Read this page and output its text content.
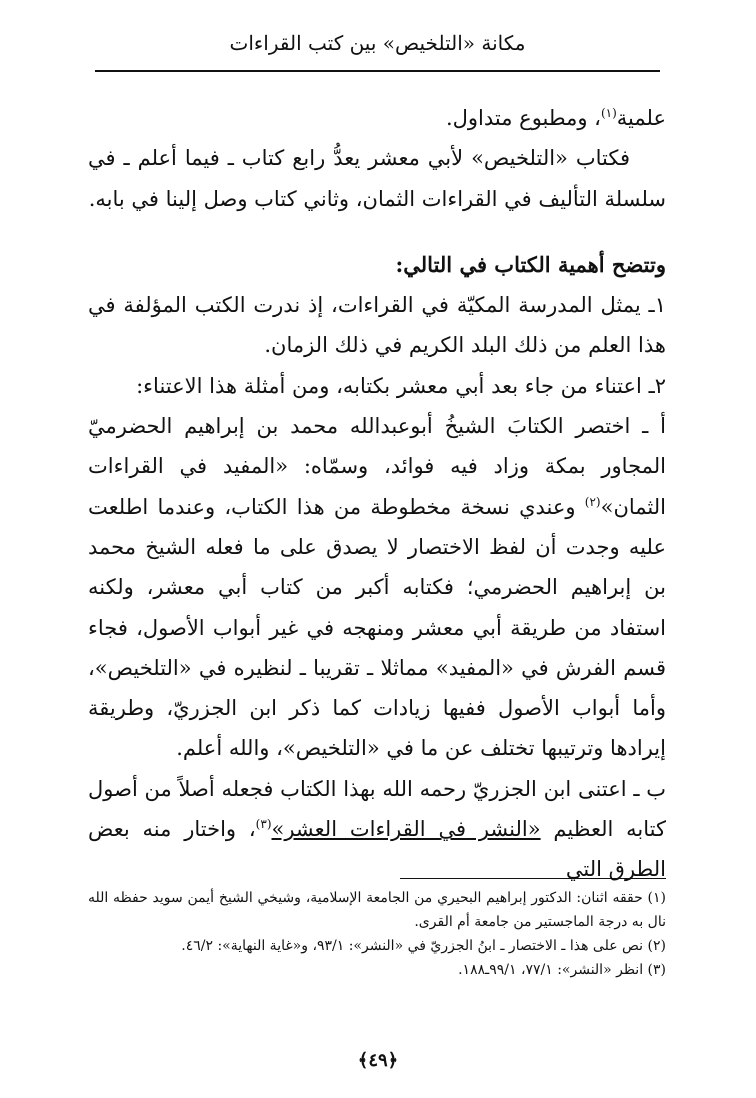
مكانة «التلخيص» بين كتب القراءات

علمية$^{(١)}$، ومطبوع متداول.

فكتاب «التلخيص» لأبي معشر يعدُّ رابع كتاب ـ فيما أعلم ـ في سلسلة التأليف في القراءات الثمان، وثاني كتاب وصل إلينا في بابه.

وتتضح أهمية الكتاب في التالي:

١ـ يمثل المدرسة المكيّة في القراءات، إذ ندرت الكتب المؤلفة في هذا العلم من ذلك البلد الكريم في ذلك الزمان.

٢ـ اعتناء من جاء بعد أبي معشر بكتابه، ومن أمثلة هذا الاعتناء:

أ ـ اختصر الكتابَ الشيخُ أبوعبدالله محمد بن إبراهيم الحضرميّ المجاور بمكة وزاد فيه فوائد، وسمّاه: «المفيد في القراءات الثمان»$^{(٢)}$ وعندي نسخة مخطوطة من هذا الكتاب، وعندما اطلعت عليه وجدت أن لفظ الاختصار لا يصدق على ما فعله الشيخ محمد بن إبراهيم الحضرمي؛ فكتابه أكبر من كتاب أبي معشر، ولكنه استفاد من طريقة أبي معشر ومنهجه في غير أبواب الأصول، فجاء قسم الفرش في «المفيد» مماثلا ـ تقريبا ـ لنظيره في «التلخيص»، وأما أبواب الأصول ففيها زيادات كما ذكر ابن الجزريّ، وطريقة إيرادها وترتيبها تختلف عن ما في «التلخيص»، والله أعلم.

ب ـ اعتنى ابن الجزريّ رحمه الله بهذا الكتاب فجعله أصلاً من أصول كتابه العظيم «النشر في القراءات العشر»$^{(٣)}$، واختار منه بعض الطرق التي

(١) حققه اثنان: الدكتور إبراهيم البحيري من الجامعة الإسلامية، وشيخي الشيخ أيمن سويد حفظه الله نال به درجة الماجستير من جامعة أم القرى.

(٢) نص على هذا ـ الاختصار ـ ابنُ الجزريّ في «النشر»: ٩٣/١، و«غاية النهاية»: ٤٦/٢.

(٣) انظر «النشر»: ٧٧/١، ٩٩/١ـ١٨٨.

﴿٤٩﴾
